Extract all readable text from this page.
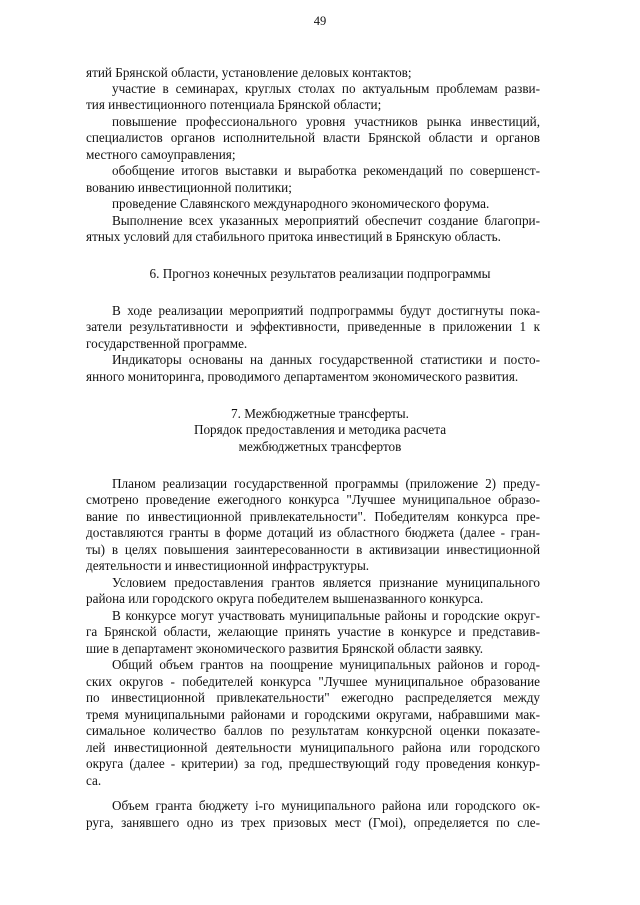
49
ятий Брянской области, установление деловых контактов;
участие в семинарах, круглых столах по актуальным проблемам разви-
тия инвестиционного потенциала Брянской области;
повышение профессионального уровня участников рынка инвестиций,
специалистов органов исполнительной власти Брянской области и органов
местного самоуправления;
обобщение итогов выставки и выработка рекомендаций по совершенст-
вованию инвестиционной политики;
проведение Славянского международного экономического форума.
Выполнение всех указанных мероприятий обеспечит создание благопри-
ятных условий для стабильного притока инвестиций в Брянскую область.
6. Прогноз конечных результатов реализации подпрограммы
В ходе реализации мероприятий подпрограммы будут достигнуты пока-
затели результативности и эффективности, приведенные в приложении 1 к
государственной программе.
Индикаторы основаны на данных государственной статистики и посто-
янного мониторинга, проводимого департаментом экономического развития.
7. Межбюджетные трансферты.
Порядок предоставления и методика расчета
межбюджетных трансфертов
Планом реализации государственной программы (приложение 2) преду-
смотрено проведение ежегодного конкурса "Лучшее муниципальное образо-
вание по инвестиционной привлекательности". Победителям конкурса пре-
доставляются гранты в форме дотаций из областного бюджета (далее - гран-
ты) в целях повышения заинтересованности в активизации инвестиционной
деятельности и инвестиционной инфраструктуры.
Условием предоставления грантов является признание муниципального
района или городского округа победителем вышеназванного конкурса.
В конкурсе могут участвовать муниципальные районы и городские округ-
га Брянской области, желающие принять участие в конкурсе и представив-
шие в департамент экономического развития Брянской области заявку.
Общий объем грантов на поощрение муниципальных районов и город-
ских округов - победителей конкурса "Лучшее муниципальное образование
по инвестиционной привлекательности" ежегодно распределяется между
тремя муниципальными районами и городскими округами, набравшими мак-
симальное количество баллов по результатам конкурсной оценки показате-
лей инвестиционной деятельности муниципального района или городского
округа (далее - критерии) за год, предшествующий году проведения конкур-
са.
Объем гранта бюджету i-го муниципального района или городского ок-
руга, занявшего одно из трех призовых мест (Гмоi), определяется по сле-
